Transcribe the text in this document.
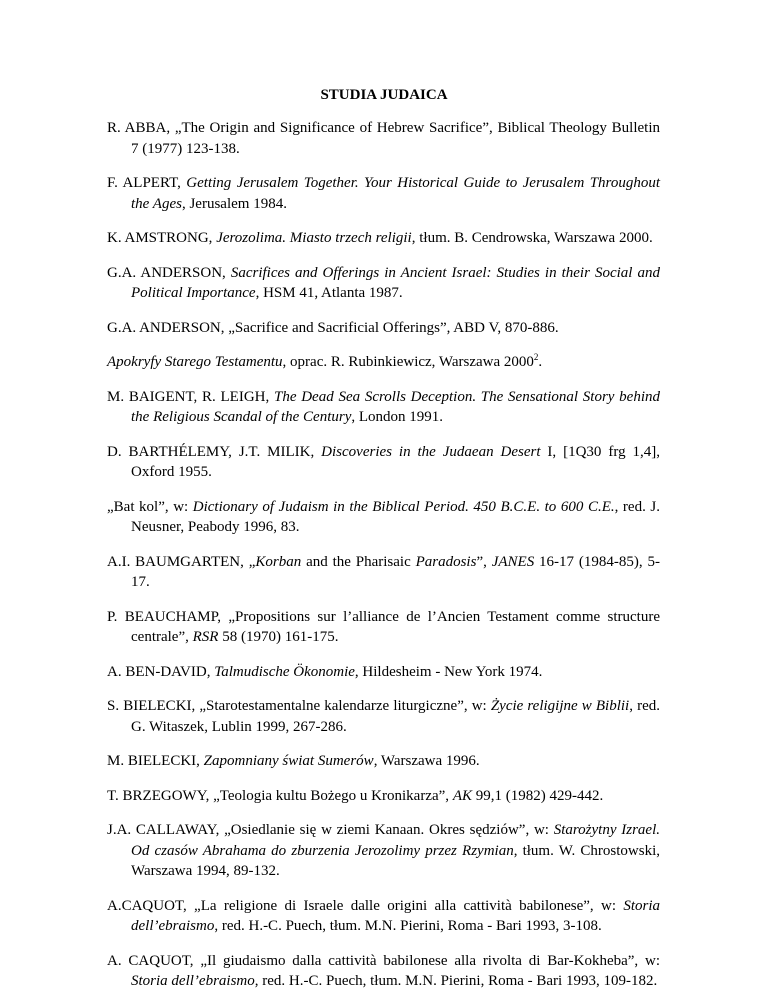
STUDIA JUDAICA

R. ABBA, „The Origin and Significance of Hebrew Sacrifice”, Biblical Theology Bulletin 7 (1977) 123-138.

F. ALPERT, Getting Jerusalem Together. Your Historical Guide to Jerusalem Throughout the Ages, Jerusalem 1984.

K. AMSTRONG, Jerozolima. Miasto trzech religii, tłum. B. Cendrowska, Warszawa 2000.

G.A. ANDERSON, Sacrifices and Offerings in Ancient Israel: Studies in their Social and Political Importance, HSM 41, Atlanta 1987.

G.A. ANDERSON, „Sacrifice and Sacrificial Offerings”, ABD V, 870-886.

Apokryfy Starego Testamentu, oprac. R. Rubinkiewicz, Warszawa 2000$^2$.

M. BAIGENT, R. LEIGH, The Dead Sea Scrolls Deception. The Sensational Story behind the Religious Scandal of the Century, London 1991.

D. BARTHÉLEMY, J.T. MILIK, Discoveries in the Judaean Desert I, [1Q30 frg 1,4], Oxford 1955.

„Bat kol”, w: Dictionary of Judaism in the Biblical Period. 450 B.C.E. to 600 C.E., red. J. Neusner, Peabody 1996, 83.

A.I. BAUMGARTEN, „Korban and the Pharisaic Paradosis”, JANES 16-17 (1984-85), 5-17.

P. BEAUCHAMP, „Propositions sur l’alliance de l’Ancien Testament comme structure centrale”, RSR 58 (1970) 161-175.

A. BEN-DAVID, Talmudische Ökonomie, Hildesheim - New York 1974.

S. BIELECKI, „Starotestamentalne kalendarze liturgiczne”, w: Życie religijne w Biblii, red. G. Witaszek, Lublin 1999, 267-286.

M. BIELECKI, Zapomniany świat Sumerów, Warszawa 1996.

T. BRZEGOWY, „Teologia kultu Bożego u Kronikarza”, AK 99,1 (1982) 429-442.

J.A. CALLAWAY, „Osiedlanie się w ziemi Kanaan. Okres sędziów”, w: Starożytny Izrael. Od czasów Abrahama do zburzenia Jerozolimy przez Rzymian, tłum. W. Chrostowski, Warszawa 1994, 89-132.

A.CAQUOT, „La religione di Israele dalle origini alla cattività babilonese”, w: Storia dell’ebraismo, red. H.-C. Puech, tłum. M.N. Pierini, Roma - Bari 1993, 3-108.

A. CAQUOT, „Il giudaismo dalla cattività babilonese alla rivolta di Bar-Kokheba”, w: Storia dell’ebraismo, red. H.-C. Puech, tłum. M.N. Pierini, Roma - Bari 1993, 109-182.
